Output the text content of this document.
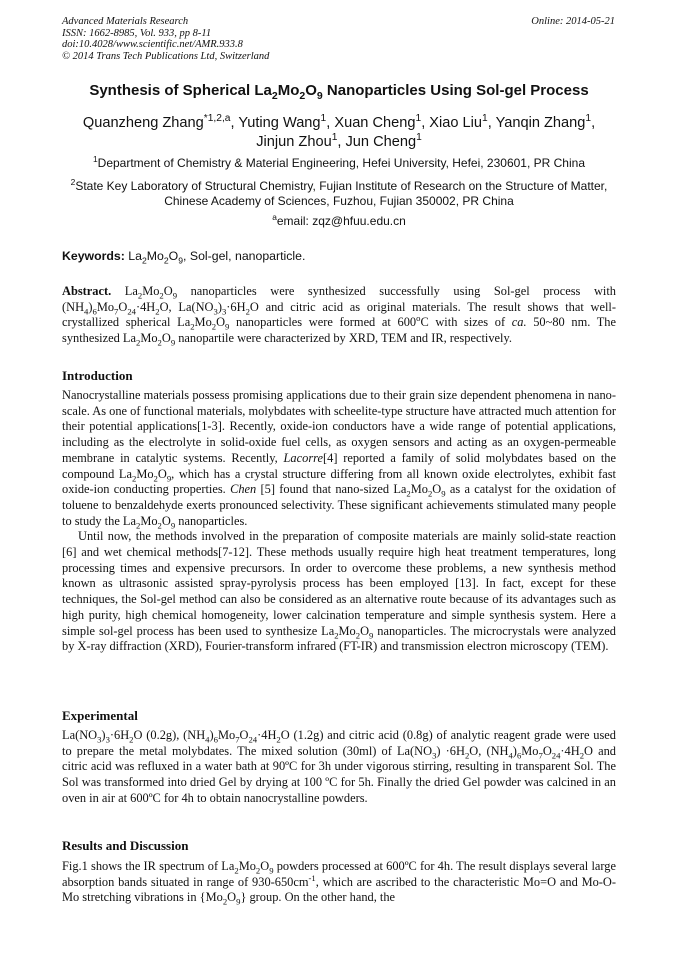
Advanced Materials Research
ISSN: 1662-8985, Vol. 933, pp 8-11
doi:10.4028/www.scientific.net/AMR.933.8
© 2014 Trans Tech Publications Ltd, Switzerland
Online: 2014-05-21
Synthesis of Spherical $La_2Mo_2O_9$ Nanoparticles Using Sol-gel Process
Quanzheng Zhang$^{*1,2,a}$, Yuting Wang$^1$, Xuan Cheng$^1$, Xiao Liu$^1$, Yanqin Zhang$^1$,
Jinjun Zhou$^1$, Jun Cheng$^1$
$^1$Department of Chemistry & Material Engineering, Hefei University, Hefei, 230601, PR China
$^2$State Key Laboratory of Structural Chemistry, Fujian Institute of Research on the Structure of Matter,
Chinese Academy of Sciences, Fuzhou, Fujian 350002, PR China
$^a$email: zqz@hfuu.edu.cn
Keywords: $La_2Mo_2O_9$, Sol-gel, nanoparticle.

Abstract. $La_2Mo_2O_9$ nanoparticles were synthesized successfully using Sol-gel process with $(NH_4)_6Mo_7O_{24}\cdot 4H_2O$, $La(NO_3)_3\cdot 6H_2O$ and citric acid as original materials. The result shows that well-crystallized spherical $La_2Mo_2O_9$ nanoparticles were formed at 600$^o$C with sizes of ca. 50~80 nm. The synthesized $La_2Mo_2O_9$ nanopartile were characterized by XRD, TEM and IR, respectively.

Introduction

Nanocrystalline materials possess promising applications due to their grain size dependent phenomena in nano-scale. As one of functional materials, molybdates with scheelite-type structure have attracted much attention for their potential applications[1-3]. Recently, oxide-ion conductors have a wide range of potential applications, including as the electrolyte in solid-oxide fuel cells, as oxygen sensors and acting as an oxygen-permeable membrane in catalytic systems. Recently, Lacorre[4] reported a family of solid molybdates based on the compound $La_2Mo_2O_9$, which has a crystal structure differing from all known oxide electrolytes, exhibit fast oxide-ion conducting properties. Chen [5] found that nano-sized $La_2Mo_2O_9$ as a catalyst for the oxidation of toluene to benzaldehyde exerts pronounced selectivity. These significant achievements stimulated many people to study the $La_2Mo_2O_9$ nanoparticles.

Until now, the methods involved in the preparation of composite materials are mainly solid-state reaction [6] and wet chemical methods[7-12]. These methods usually require high heat treatment temperatures, long processing times and expensive precursors. In order to overcome these problems, a new synthesis method known as ultrasonic assisted spray-pyrolysis process has been employed [13]. In fact, except for these techniques, the Sol-gel method can also be considered as an alternative route because of its advantages such as high purity, high chemical homogeneity, lower calcination temperature and simple synthesis system. Here a simple sol-gel process has been used to synthesize $La_2Mo_2O_9$ nanoparticles. The microcrystals were analyzed by X-ray diffraction (XRD), Fourier-transform infrared (FT-IR) and transmission electron microscopy (TEM).

Experimental

$La(NO_3)_3\cdot 6H_2O$ (0.2g), $(NH_4)_6Mo_7O_{24}\cdot 4H_2O$ (1.2g) and citric acid (0.8g) of analytic reagent grade were used to prepare the metal molybdates. The mixed solution (30ml) of $La(NO_3) \cdot 6H_2O$, $(NH_4)_6Mo_7O_{24}\cdot 4H_2O$ and citric acid was refluxed in a water bath at 90ºC for 3h under vigorous stirring, resulting in transparent Sol. The Sol was transformed into dried Gel by drying at 100 ºC for 5h. Finally the dried Gel powder was calcined in an oven in air at 600ºC for 4h to obtain nanocrystalline powders.

Results and Discussion

Fig.1 shows the IR spectrum of $La_2Mo_2O_9$ powders processed at 600ºC for 4h. The result displays several large absorption bands situated in range of $930-650cm^{-1}$, which are ascribed to the characteristic Mo=O and Mo-O-Mo stretching vibrations in $\{Mo_2O_9\}$ group. On the other hand, the
